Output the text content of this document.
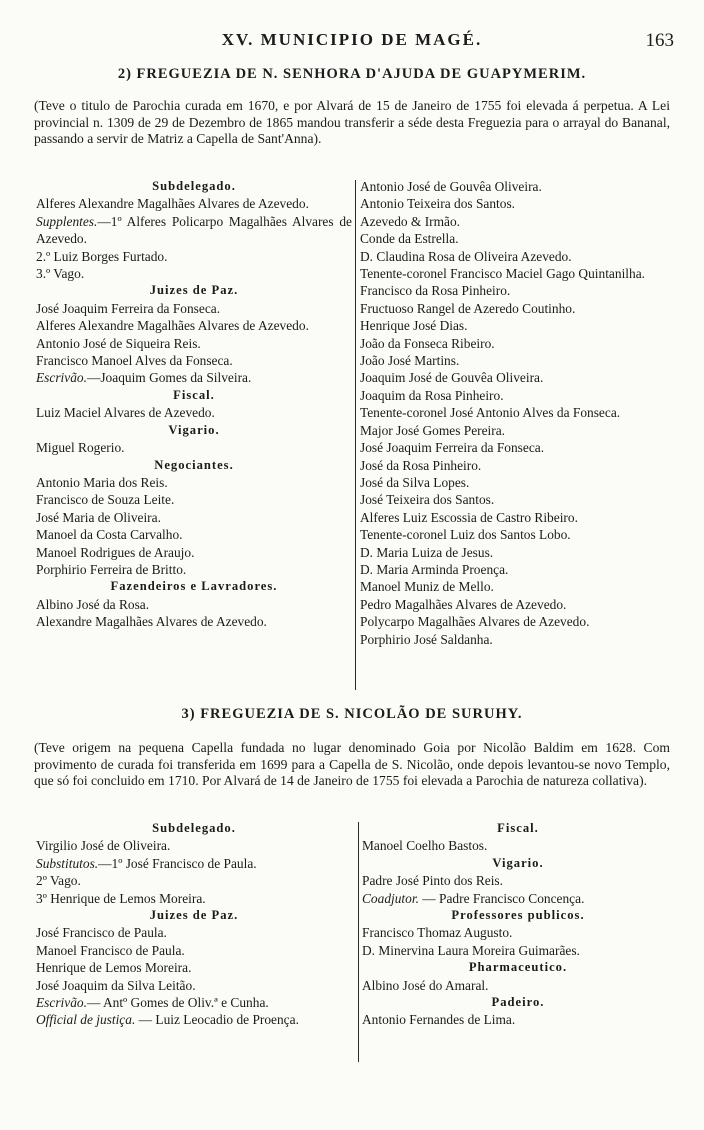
XV. MUNICIPIO DE MAGÉ.	163
2) FREGUEZIA DE N. SENHORA D'AJUDA DE GUAPYMERIM.
(Teve o titulo de Parochia curada em 1670, e por Alvará de 15 de Janeiro de 1755 foi elevada á perpetua. A Lei provincial n. 1309 de 29 de Dezembro de 1865 mandou transferir a séde desta Freguezia para o arrayal do Bananal, passando a servir de Matriz a Capella de Sant'Anna).
Subdelegado.
Alferes Alexandre Magalhães Alvares de Azevedo.
Supplentes.—1º Alferes Policarpo Magalhães Alvares de Azevedo.
2.º Luiz Borges Furtado.
3.º Vago.
Juizes de Paz.
José Joaquim Ferreira da Fonseca.
Alferes Alexandre Magalhães Alvares de Azevedo.
Antonio José de Siqueira Reis.
Francisco Manoel Alves da Fonseca.
Escrivão.—Joaquim Gomes da Silveira.
Fiscal.
Luiz Maciel Alvares de Azevedo.
Vigario.
Miguel Rogerio.
Negociantes.
Antonio Maria dos Reis.
Francisco de Souza Leite.
José Maria de Oliveira.
Manoel da Costa Carvalho.
Manoel Rodrigues de Araujo.
Porphirio Ferreira de Britto.
Fazendeiros e Lavradores.
Albino José da Rosa.
Alexandre Magalhães Alvares de Azevedo.
Antonio José de Gouvêa Oliveira.
Antonio Teixeira dos Santos.
Azevedo & Irmão.
Conde da Estrella.
D. Claudina Rosa de Oliveira Azevedo.
Tenente-coronel Francisco Maciel Gago Quintanilha.
Francisco da Rosa Pinheiro.
Fructuoso Rangel de Azeredo Coutinho.
Henrique José Dias.
João da Fonseca Ribeiro.
João José Martins.
Joaquim José de Gouvêa Oliveira.
Joaquim da Rosa Pinheiro.
Tenente-coronel José Antonio Alves da Fonseca.
Major José Gomes Pereira.
José Joaquim Ferreira da Fonseca.
José da Rosa Pinheiro.
José da Silva Lopes.
José Teixeira dos Santos.
Alferes Luiz Escossia de Castro Ribeiro.
Tenente-coronel Luiz dos Santos Lobo.
D. Maria Luiza de Jesus.
D. Maria Arminda Proença.
Manoel Muniz de Mello.
Pedro Magalhães Alvares de Azevedo.
Polycarpo Magalhães Alvares de Azevedo.
Porphirio José Saldanha.
3) FREGUEZIA DE S. NICOLÃO DE SURUHY.
(Teve origem na pequena Capella fundada no lugar denominado Goia por Nicolão Baldim em 1628. Com provimento de curada foi transferida em 1699 para a Capella de S. Nicolão, onde depois levantou-se novo Templo, que só foi concluido em 1710. Por Alvará de 14 de Janeiro de 1755 foi elevada a Parochia de natureza collativa).
Subdelegado.
Virgilio José de Oliveira.
Substitutos.—1º José Francisco de Paula.
2º Vago.
3º Henrique de Lemos Moreira.
Juizes de Paz.
José Francisco de Paula.
Manoel Francisco de Paula.
Henrique de Lemos Moreira.
José Joaquim da Silva Leitão.
Escrivão.— Antº Gomes de Oliv.ª e Cunha.
Official de justiça. — Luiz Leocadio de Proença.
Fiscal.
Manoel Coelho Bastos.
Vigario.
Padre José Pinto dos Reis.
Coadjutor. — Padre Francisco Concença.
Professores publicos.
Francisco Thomaz Augusto.
D. Minervina Laura Moreira Guimarães.
Pharmaceutico.
Albino José do Amaral.
Padeiro.
Antonio Fernandes de Lima.
